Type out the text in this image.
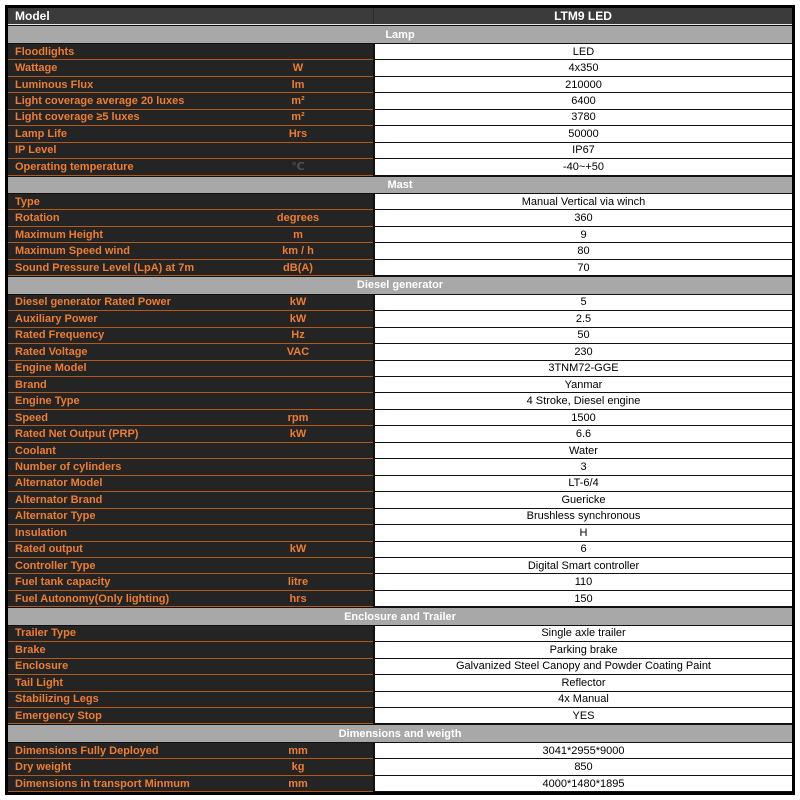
Model	LTM9 LED
Lamp
Floodlights	LED
Wattage	W	4x350
Luminous Flux	lm	210000
Light coverage average 20 luxes	m²	6400
Light coverage ≥5 luxes	m²	3780
Lamp Life	Hrs	50000
IP Level	IP67
Operating temperature	℃	-40~+50
Mast
Type	Manual Vertical via winch
Rotation	degrees	360
Maximum Height	m	9
Maximum Speed wind	km / h	80
Sound Pressure Level (LpA) at 7m	dB(A)	70
Diesel generator
Diesel generator Rated Power	kW	5
Auxiliary Power	kW	2.5
Rated Frequency	Hz	50
Rated Voltage	VAC	230
Engine Model	3TNM72-GGE
Brand	Yanmar
Engine Type	4 Stroke, Diesel engine
Speed	rpm	1500
Rated Net Output (PRP)	kW	6.6
Coolant	Water
Number of cylinders	3
Alternator Model	LT-6/4
Alternator Brand	Guericke
Alternator Type	Brushless synchronous
Insulation	H
Rated output	kW	6
Controller Type	Digital Smart controller
Fuel tank capacity	litre	110
Fuel Autonomy(Only lighting)	hrs	150
Enclosure and Trailer
Trailer Type	Single axle trailer
Brake	Parking brake
Enclosure	Galvanized Steel Canopy and Powder Coating Paint
Tail Light	Reflector
Stabilizing Legs	4x Manual
Emergency Stop	YES
Dimensions and weigth
Dimensions Fully Deployed	mm	3041*2955*9000
Dry weight	kg	850
Dimensions in transport Minmum	mm	4000*1480*1895
